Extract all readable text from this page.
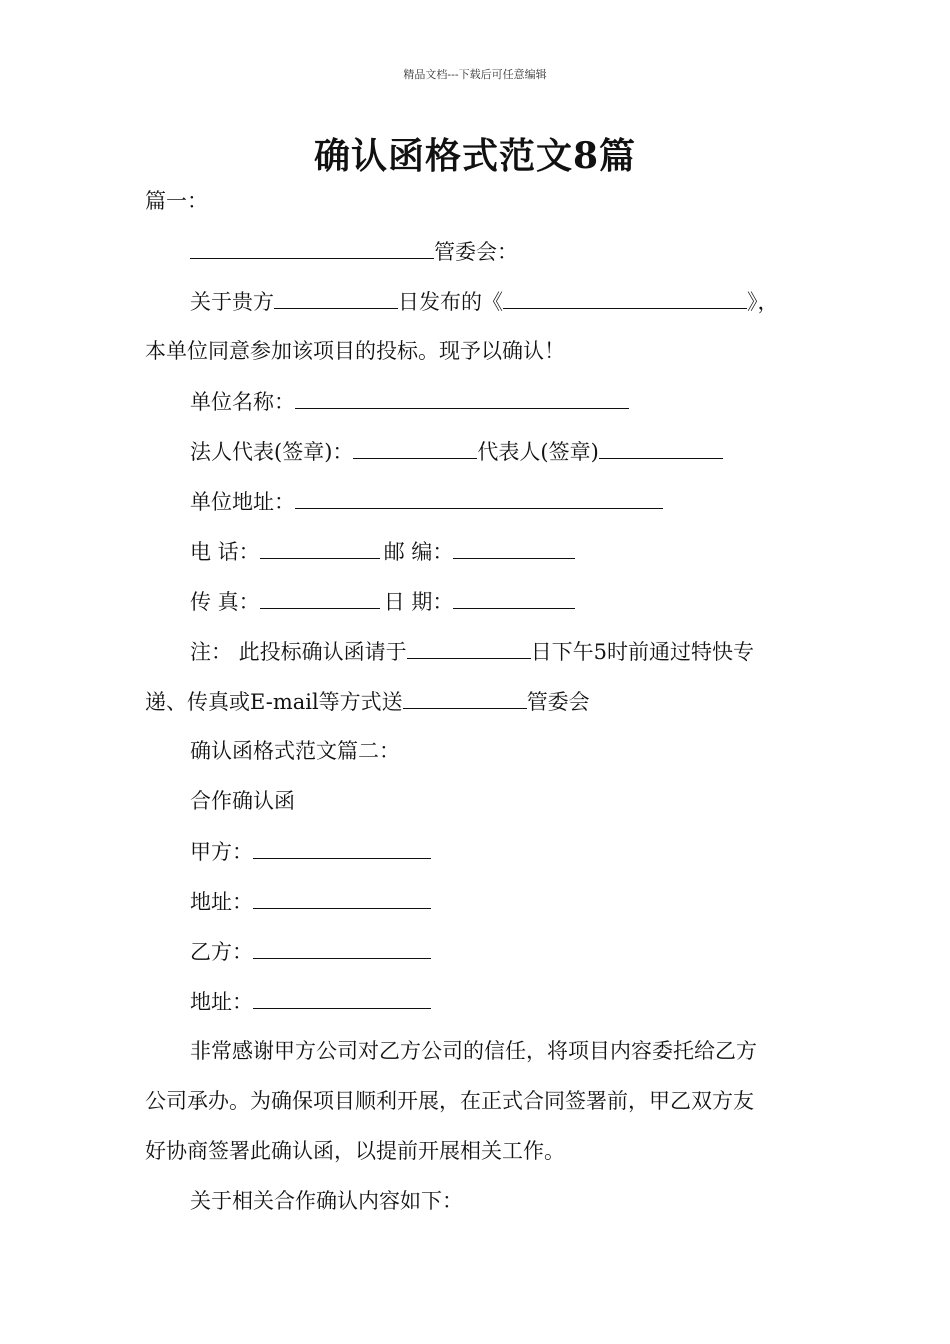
精品文档---下载后可任意编辑
确认函格式范文8篇
篇一：
管委会：
关于贵方	日发布的《	》，
本单位同意参加该项目的投标。现予以确认！
单位名称：
法人代表(签章)：	代表人(签章)
单位地址：
电 话：	邮 编：
传 真：	日 期：
注： 此投标确认函请于	日下午5时前通过特快专
递、传真或E-mail等方式送	管委会
确认函格式范文篇二：
合作确认函
甲方：
地址：
乙方：
地址：
非常感谢甲方公司对乙方公司的信任，将项目内容委托给乙方
公司承办。为确保项目顺利开展，在正式合同签署前，甲乙双方友
好协商签署此确认函，以提前开展相关工作。
关于相关合作确认内容如下：
